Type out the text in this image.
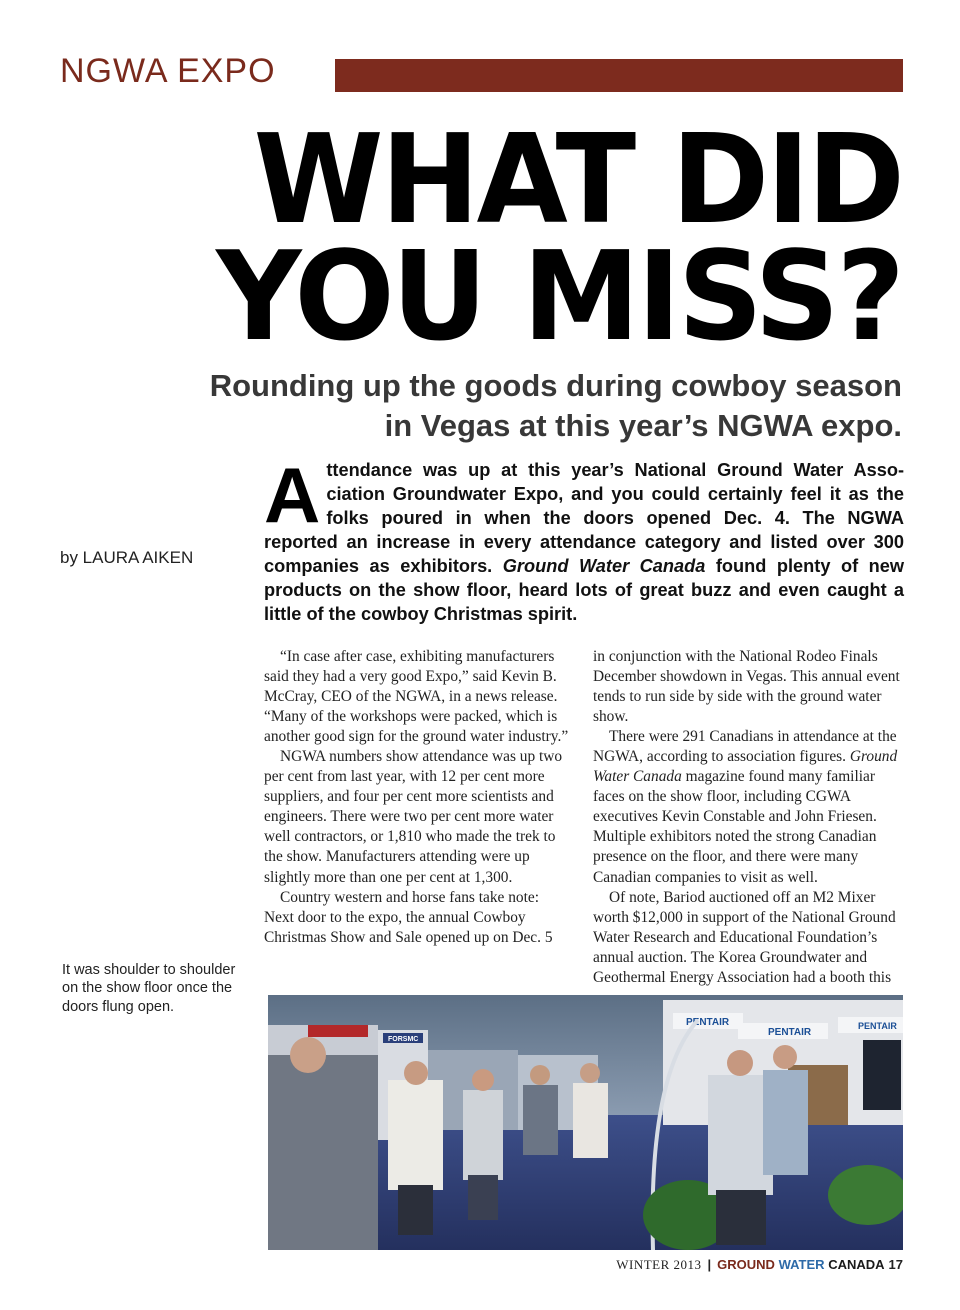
NGWA EXPO
WHAT DID
YOU MISS?
Rounding up the goods during cowboy season
in Vegas at this year’s NGWA expo.
by LAURA AIKEN
Attendance was up at this year’s National Ground Water Association Groundwater Expo, and you could certainly feel it as the folks poured in when the doors opened Dec. 4. The NGWA reported an increase in every attendance category and listed over 300 companies as exhibitors. Ground Water Canada found plenty of new products on the show floor, heard lots of great buzz and even caught a little of the cowboy Christmas spirit.

“In case after case, exhibiting manufacturers said they had a very good Expo,” said Kevin B. McCray, CEO of the NGWA, in a news release. “Many of the workshops were packed, which is another good sign for the ground water industry.”

NGWA numbers show attendance was up two per cent from last year, with 12 per cent more suppliers, and four per cent more scientists and engineers. There were two per cent more water well contractors, or 1,810 who made the trek to the show. Manufacturers attending were up slightly more than one per cent at 1,300.

Country western and horse fans take note: Next door to the expo, the annual Cowboy Christmas Show and Sale opened up on Dec. 5

in conjunction with the National Rodeo Finals December showdown in Vegas. This annual event tends to run side by side with the ground water show.

There were 291 Canadians in attendance at the NGWA, according to association figures. Ground Water Canada magazine found many familiar faces on the show floor, including CGWA executives Kevin Constable and John Friesen. Multiple exhibitors noted the strong Canadian presence on the floor, and there were many Canadian companies to visit as well.

Of note, Bariod auctioned off an M2 Mixer worth $12,000 in support of the National Ground Water Research and Educational Foundation’s annual auction. The Korea Groundwater and Geothermal Energy Association had a booth this

It was shoulder to shoulder on the show floor once the doors flung open.
PENTAIR
PENTAIR
PENTAIR
FORSMC
WINTER 2013 | GROUND WATER CANADA 17
